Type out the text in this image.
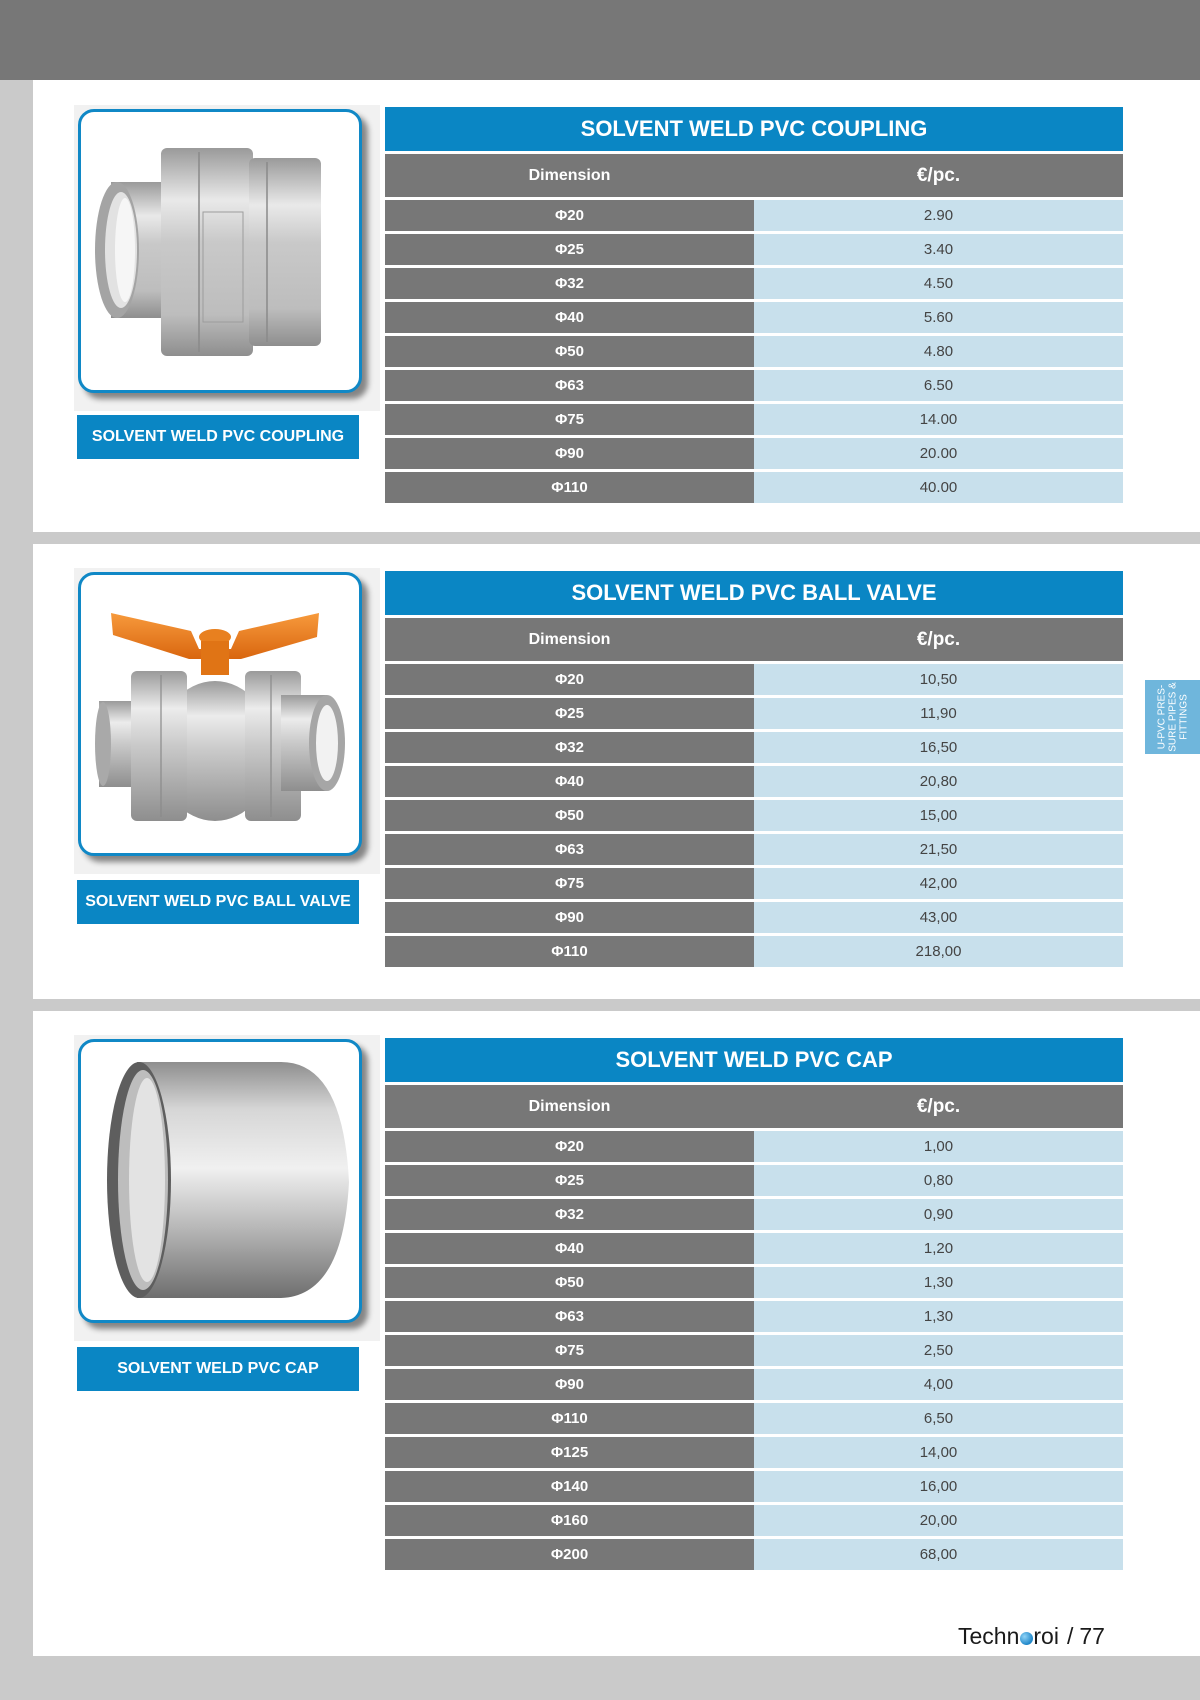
SOLVENT WELD PVC COUPLING
SOLVENT WELD PVC COUPLING
Dimension	€/pc.
Φ20	2.90
Φ25	3.40
Φ32	4.50
Φ40	5.60
Φ50	4.80
Φ63	6.50
Φ75	14.00
Φ90	20.00
Φ110	40.00
SOLVENT WELD PVC BALL VALVE
SOLVENT WELD PVC BALL VALVE
Dimension	€/pc.
Φ20	10,50
Φ25	11,90
Φ32	16,50
Φ40	20,80
Φ50	15,00
Φ63	21,50
Φ75	42,00
Φ90	43,00
Φ110	218,00
SOLVENT WELD PVC CAP
SOLVENT WELD PVC CAP
Dimension	€/pc.
Φ20	1,00
Φ25	0,80
Φ32	0,90
Φ40	1,20
Φ50	1,30
Φ63	1,30
Φ75	2,50
Φ90	4,00
Φ110	6,50
Φ125	14,00
Φ140	16,00
Φ160	20,00
Φ200	68,00
U-PVC PRES-SURE PIPES & FITTINGS
Techn roi / 77
